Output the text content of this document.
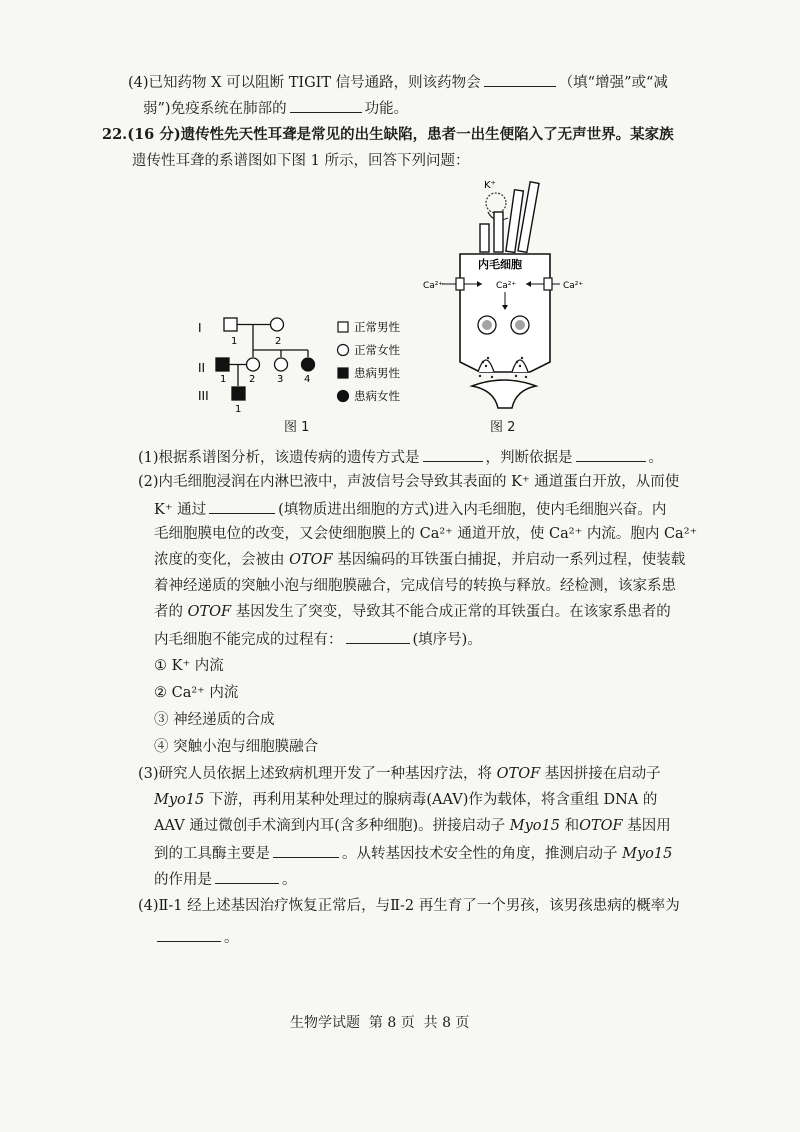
(4)已知药物 X 可以阻断 TIGIT 信号通路，则该药物会	（填“增强”或“减
弱”)免疫系统在肺部的	功能。
22.(16 分)遗传性先天性耳聋是常见的出生缺陷，患者一出生便陷入了无声世界。某家族
遗传性耳聋的系谱图如下图 1 所示，回答下列问题：
I
II
III
1	2
1 2 3 4
1
正常男性
正常女性
患病男性
患病女性
图 1
K⁺
内毛细胞
Ca²⁺	Ca²⁺
Ca²⁺
图 2
(1)根据系谱图分析，该遗传病的遗传方式是	，判断依据是	。
(2)内毛细胞浸润在内淋巴液中，声波信号会导致其表面的 K⁺ 通道蛋白开放，从而使
K⁺ 通过	(填物质进出细胞的方式)进入内毛细胞，使内毛细胞兴奋。内
毛细胞膜电位的改变，又会使细胞膜上的 Ca²⁺ 通道开放，使 Ca²⁺ 内流。胞内 Ca²⁺
浓度的变化，会被由 OTOF 基因编码的耳铁蛋白捕捉，并启动一系列过程，使装载
着神经递质的突触小泡与细胞膜融合，完成信号的转换与释放。经检测，该家系患
者的 OTOF 基因发生了突变，导致其不能合成正常的耳铁蛋白。在该家系患者的
内毛细胞不能完成的过程有：	(填序号)。
① K⁺ 内流
② Ca²⁺ 内流
③ 神经递质的合成
④ 突触小泡与细胞膜融合
(3)研究人员依据上述致病机理开发了一种基因疗法，将 OTOF 基因拼接在启动子
Myo15 下游，再利用某种处理过的腺病毒(AAV)作为载体，将含重组 DNA 的
AAV 通过微创手术滴到内耳(含多种细胞)。拼接启动子 Myo15 和OTOF 基因用
到的工具酶主要是	。从转基因技术安全性的角度，推测启动子 Myo15
的作用是	。
(4)Ⅱ-1 经上述基因治疗恢复正常后，与Ⅱ-2 再生育了一个男孩，该男孩患病的概率为
。
生物学试题 第 8 页 共 8 页
